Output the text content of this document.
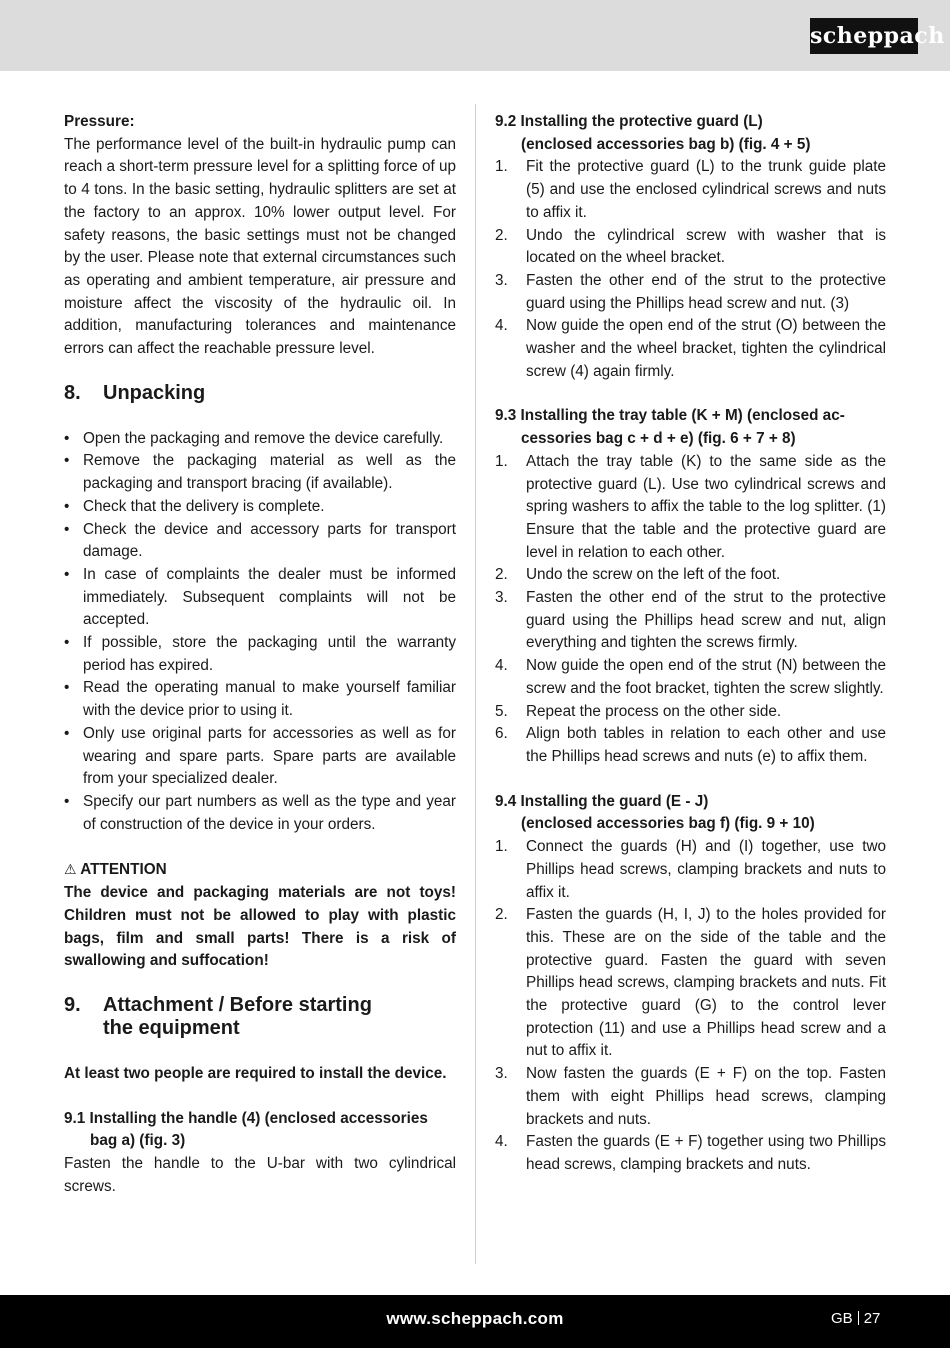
scheppach
Pressure:

The performance level of the built-in hydraulic pump can reach a short-term pressure level for a splitting force of up to 4 tons. In the basic setting, hydraulic splitters are set at the factory to an approx. 10% lower output level. For safety reasons, the basic settings must not be changed by the user. Please note that external circumstances such as operating and ambient temperature, air pressure and moisture affect the viscosity of the hydraulic oil. In addition, manufacturing tolerances and maintenance errors can affect the reachable pressure level.

8.	Unpacking
• Open the packaging and remove the device carefully.
• Remove the packaging material as well as the packaging and transport bracing (if available).
• Check that the delivery is complete.
• Check the device and accessory parts for transport damage.
• In case of complaints the dealer must be informed immediately. Subsequent complaints will not be accepted.
• If possible, store the packaging until the warranty period has expired.
• Read the operating manual to make yourself familiar with the device prior to using it.
• Only use original parts for accessories as well as for wearing and spare parts. Spare parts are available from your specialized dealer.
• Specify our part numbers as well as the type and year of construction of the device in your orders.
⚠ ATTENTION

The device and packaging materials are not toys! Children must not be allowed to play with plastic bags, film and small parts! There is a risk of swallowing and suffocation!

9.	Attachment / Before starting
the equipment

At least two people are required to install the device.

9.1 Installing the handle (4) (enclosed accessories
bag a) (fig. 3)

Fasten the handle to the U-bar with two cylindrical screws.

9.2 Installing the protective guard (L)
(enclosed accessories bag b) (fig. 4 + 5)
1. Fit the protective guard (L) to the trunk guide plate (5) and use the enclosed cylindrical screws and nuts to affix it.
2. Undo the cylindrical screw with washer that is located on the wheel bracket.
3. Fasten the other end of the strut to the protective guard using the Phillips head screw and nut. (3)
4. Now guide the open end of the strut (O) between the washer and the wheel bracket, tighten the cylindrical screw (4) again firmly.
9.3 Installing the tray table (K + M) (enclosed ac-
cessories bag c + d + e) (fig. 6 + 7 + 8)
1. Attach the tray table (K) to the same side as the protective guard (L). Use two cylindrical screws and spring washers to affix the table to the log splitter. (1) Ensure that the table and the protective guard are level in relation to each other.
2. Undo the screw on the left of the foot.
3. Fasten the other end of the strut to the protective guard using the Phillips head screw and nut, align everything and tighten the screws firmly.
4. Now guide the open end of the strut (N) between the screw and the foot bracket, tighten the screw slightly.
5. Repeat the process on the other side.
6. Align both tables in relation to each other and use the Phillips head screws and nuts (e) to affix them.
9.4 Installing the guard (E - J)
(enclosed accessories bag f) (fig. 9 + 10)
1. Connect the guards (H) and (I) together, use two Phillips head screws, clamping brackets and nuts to affix it.
2. Fasten the guards (H, I, J) to the holes provided for this. These are on the side of the table and the protective guard. Fasten the guard with seven Phillips head screws, clamping brackets and nuts. Fit the protective guard (G) to the control lever protection (11) and use a Phillips head screw and a nut to affix it.
3. Now fasten the guards (E + F) on the top. Fasten them with eight Phillips head screws, clamping brackets and nuts.
4. Fasten the guards (E + F) together using two Phillips head screws, clamping brackets and nuts.
www.scheppach.com	GB 27
